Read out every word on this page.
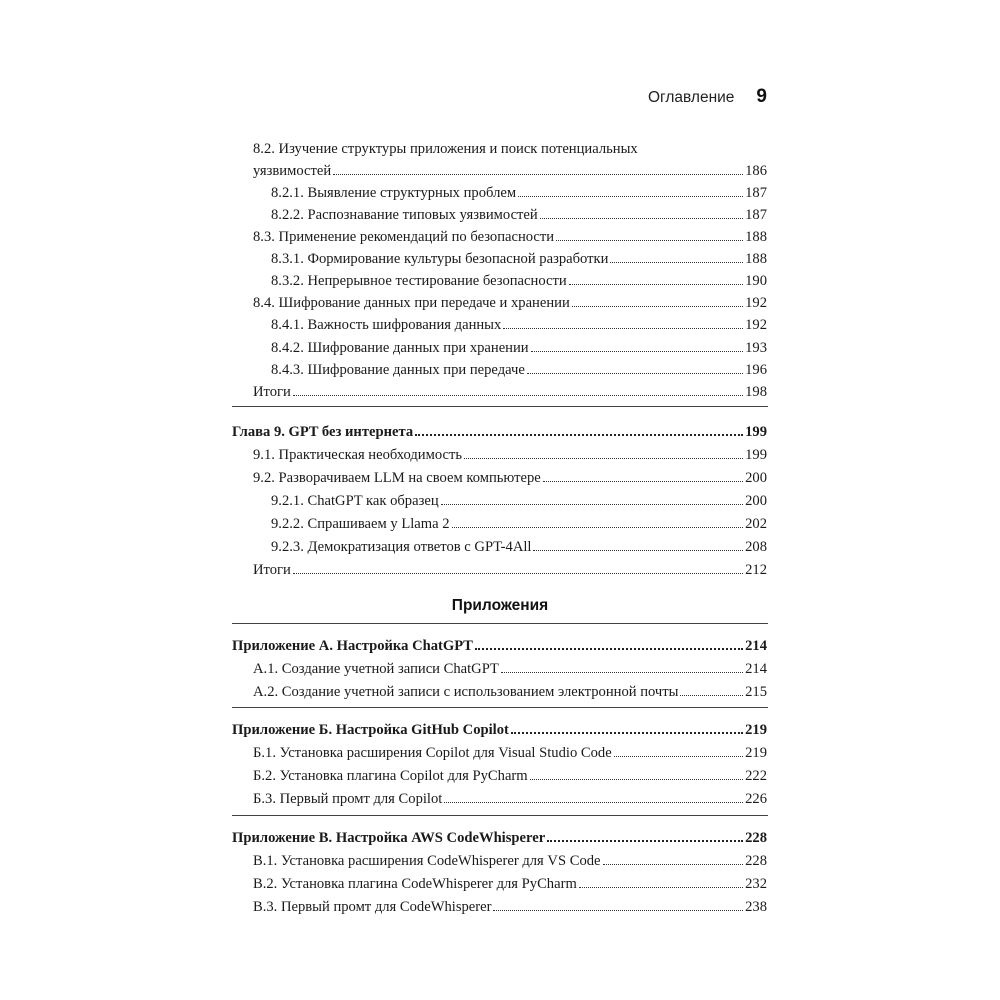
Оглавление 9
8.2. Изучение структуры приложения и поиск потенциальных
уязвимостей	186
8.2.1. Выявление структурных проблем	187
8.2.2. Распознавание типовых уязвимостей	187
8.3. Применение рекомендаций по безопасности	188
8.3.1. Формирование культуры безопасной разработки	188
8.3.2. Непрерывное тестирование безопасности	190
8.4. Шифрование данных при передаче и хранении	192
8.4.1. Важность шифрования данных	192
8.4.2. Шифрование данных при хранении	193
8.4.3. Шифрование данных при передаче	196
Итоги	198
Глава 9. GPT без интернета	199
9.1. Практическая необходимость	199
9.2. Разворачиваем LLM на своем компьютере	200
9.2.1. ChatGPT как образец	200
9.2.2. Спрашиваем у Llama 2	202
9.2.3. Демократизация ответов с GPT-4All	208
Итоги	212
Приложения
Приложение А. Настройка ChatGPT	214
А.1. Создание учетной записи ChatGPT	214
А.2. Создание учетной записи с использованием электронной почты	215
Приложение Б. Настройка GitHub Copilot	219
Б.1. Установка расширения Copilot для Visual Studio Code	219
Б.2. Установка плагина Copilot для PyCharm	222
Б.3. Первый промт для Copilot	226
Приложение В. Настройка AWS CodeWhisperer	228
В.1. Установка расширения CodeWhisperer для VS Code	228
В.2. Установка плагина CodeWhisperer для PyCharm	232
В.3. Первый промт для CodeWhisperer	238
